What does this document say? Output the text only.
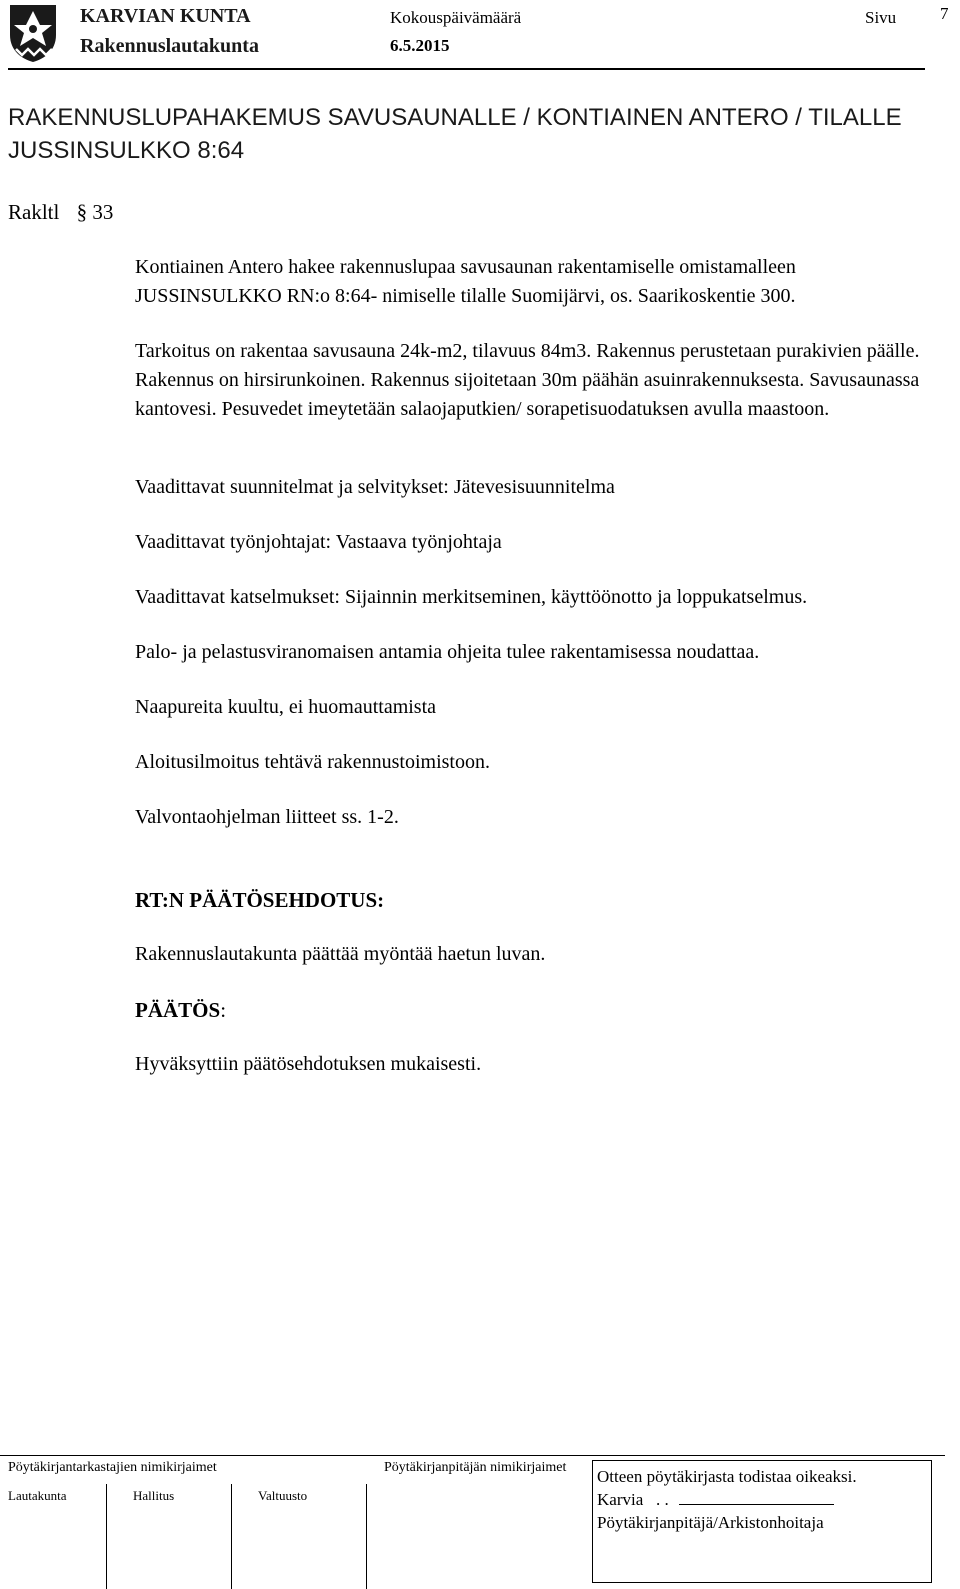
KARVIAN KUNTA
Rakennuslautakunta
Kokouspäivämäärä
6.5.2015
Sivu	7
RAKENNUSLUPAHAKEMUS SAVUSAUNALLE / KONTIAINEN ANTERO / TILALLE JUSSINSULKKO 8:64
Rakltl § 33

Kontiainen Antero hakee rakennuslupaa savusaunan rakentamiselle omistamalleen JUSSINSULKKO RN:o 8:64- nimiselle tilalle Suomijärvi, os. Saarikoskentie 300.

Tarkoitus on rakentaa savusauna 24k-m2, tilavuus 84m3. Rakennus perustetaan purakivien päälle. Rakennus on hirsirunkoinen. Rakennus sijoitetaan 30m päähän asuinrakennuksesta. Savusaunassa kantovesi. Pesuvedet imeytetään salaojaputkien/ sorapetisuodatuksen avulla maastoon.

Vaadittavat suunnitelmat ja selvitykset: Jätevesisuunnitelma
Vaadittavat työnjohtajat: Vastaava työnjohtaja
Vaadittavat katselmukset: Sijainnin merkitseminen, käyttöönotto ja loppukatselmus.
Palo- ja pelastusviranomaisen antamia ohjeita tulee rakentamisessa noudattaa.
Naapureita kuultu, ei huomauttamista
Aloitusilmoitus tehtävä rakennustoimistoon.
Valvontaohjelman liitteet ss. 1-2.
RT:N PÄÄTÖSEHDOTUS:
Rakennuslautakunta päättää myöntää haetun luvan.
PÄÄTÖS:
Hyväksyttiin päätösehdotuksen mukaisesti.
Pöytäkirjantarkastajien nimikirjaimet	Pöytäkirjanpitäjän nimikirjaimet
Lautakunta	Hallitus	Valtuusto
Otteen pöytäkirjasta todistaa oikeaksi.
Karvia . .
Pöytäkirjanpitäjä/Arkistonhoitaja
